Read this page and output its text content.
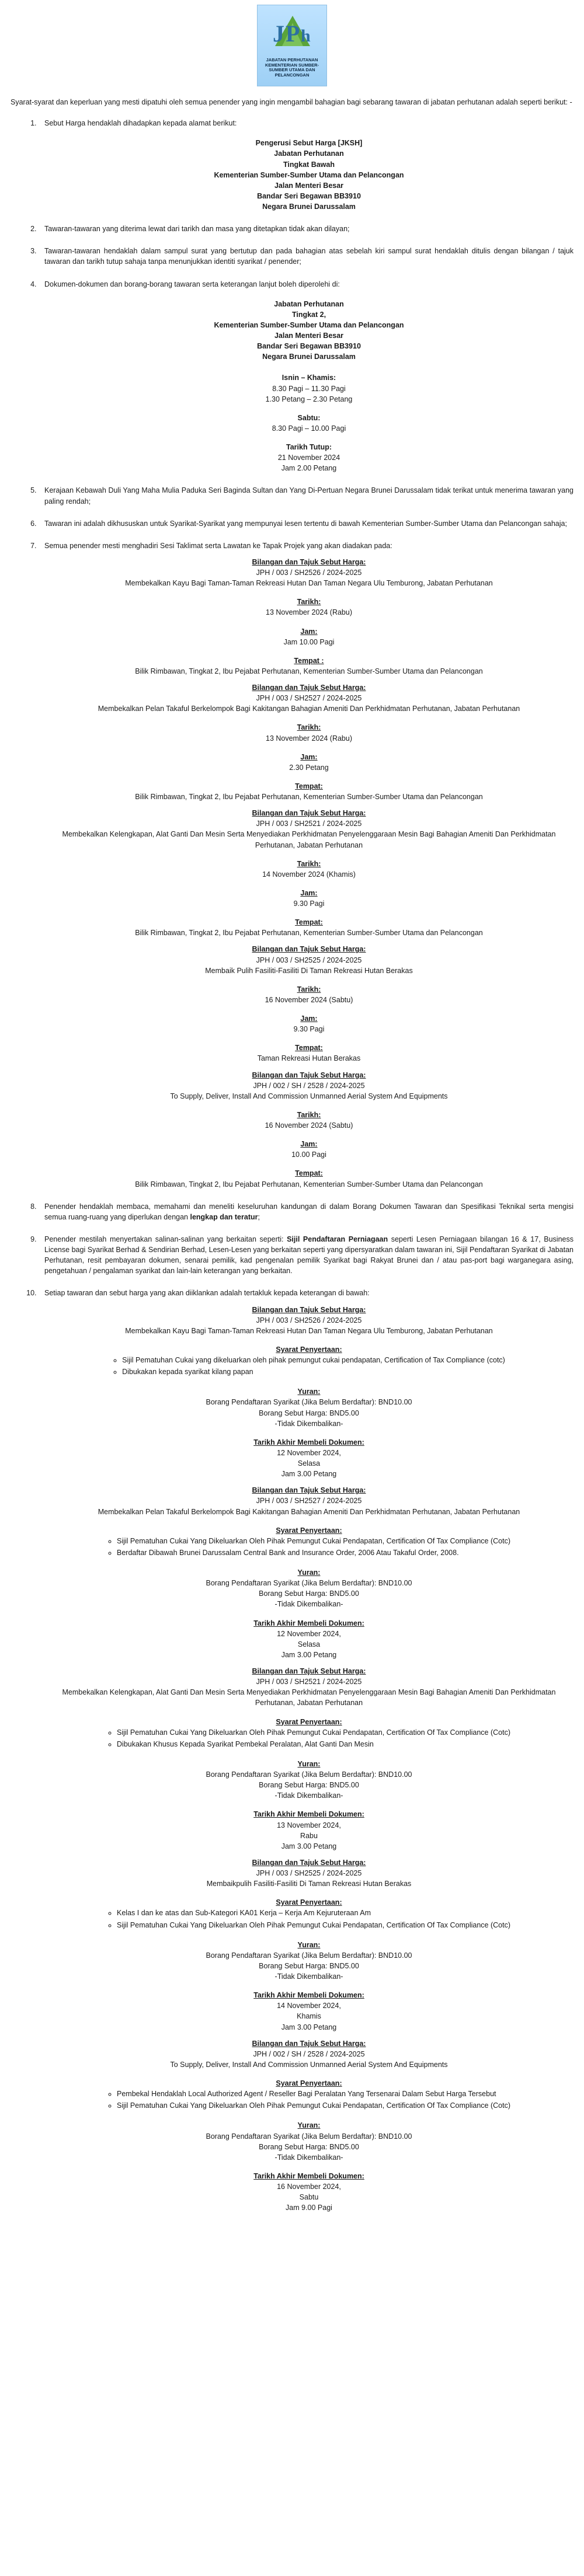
J P h
JABATAN PERHUTANAN
KEMENTERIAN SUMBER-
SUMBER UTAMA DAN
PELANCONGAN

Syarat-syarat dan keperluan yang mesti dipatuhi oleh semua penender yang ingin mengambil bahagian bagi sebarang tawaran di jabatan perhutanan adalah seperti berikut: -

1. Sebut Harga hendaklah dihadapkan kepada alamat berikut:

Pengerusi Sebut Harga [JKSH]
Jabatan Perhutanan
Tingkat Bawah
Kementerian Sumber-Sumber Utama dan Pelancongan
Jalan Menteri Besar
Bandar Seri Begawan BB3910
Negara Brunei Darussalam

2. Tawaran-tawaran yang diterima lewat dari tarikh dan masa yang ditetapkan tidak akan dilayan;

3. Tawaran-tawaran hendaklah dalam sampul surat yang bertutup dan pada bahagian atas sebelah kiri sampul surat hendaklah ditulis dengan bilangan / tajuk tawaran dan tarikh tutup sahaja tanpa menunjukkan identiti syarikat / penender;

4. Dokumen-dokumen dan borang-borang tawaran serta keterangan lanjut boleh diperolehi di:

Jabatan Perhutanan
Tingkat 2,
Kementerian Sumber-Sumber Utama dan Pelancongan
Jalan Menteri Besar
Bandar Seri Begawan BB3910
Negara Brunei Darussalam
Isnin – Khamis:
8.30 Pagi – 11.30 Pagi
1.30 Petang – 2.30 Petang
Sabtu:
8.30 Pagi – 10.00 Pagi
Tarikh Tutup:
21 November 2024
Jam 2.00 Petang

5. Kerajaan Kebawah Duli Yang Maha Mulia Paduka Seri Baginda Sultan dan Yang Di-Pertuan Negara Brunei Darussalam tidak terikat untuk menerima tawaran yang paling rendah;

6. Tawaran ini adalah dikhususkan untuk Syarikat-Syarikat yang mempunyai lesen tertentu di bawah Kementerian Sumber-Sumber Utama dan Pelancongan sahaja;

7. Semua penender mesti menghadiri Sesi Taklimat serta Lawatan ke Tapak Projek yang akan diadakan pada:

Bilangan dan Tajuk Sebut Harga:
JPH / 003 / SH2526 / 2024-2025
Membekalkan Kayu Bagi Taman-Taman Rekreasi Hutan Dan Taman Negara Ulu Temburong, Jabatan Perhutanan
Tarikh:
13 November 2024 (Rabu)
Jam:
Jam 10.00 Pagi
Tempat :
Bilik Rimbawan, Tingkat 2, Ibu Pejabat Perhutanan, Kementerian Sumber-Sumber Utama dan Pelancongan
Bilangan dan Tajuk Sebut Harga:
JPH / 003 / SH2527 / 2024-2025
Membekalkan Pelan Takaful Berkelompok Bagi Kakitangan Bahagian Ameniti Dan Perkhidmatan Perhutanan, Jabatan Perhutanan
Tarikh:
13 November 2024 (Rabu)
Jam:
2.30 Petang
Tempat:
Bilik Rimbawan, Tingkat 2, Ibu Pejabat Perhutanan, Kementerian Sumber-Sumber Utama dan Pelancongan
Bilangan dan Tajuk Sebut Harga:
JPH / 003 / SH2521 / 2024-2025
Membekalkan Kelengkapan, Alat Ganti Dan Mesin Serta Menyediakan Perkhidmatan Penyelenggaraan Mesin Bagi Bahagian Ameniti Dan Perkhidmatan Perhutanan, Jabatan Perhutanan
Tarikh:
14 November 2024 (Khamis)
Jam:
9.30 Pagi
Tempat:
Bilik Rimbawan, Tingkat 2, Ibu Pejabat Perhutanan, Kementerian Sumber-Sumber Utama dan Pelancongan
Bilangan dan Tajuk Sebut Harga:
JPH / 003 / SH2525 / 2024-2025
Membaik Pulih Fasiliti-Fasiliti Di Taman Rekreasi Hutan Berakas
Tarikh:
16 November 2024 (Sabtu)
Jam:
9.30 Pagi
Tempat:
Taman Rekreasi Hutan Berakas
Bilangan dan Tajuk Sebut Harga:
JPH / 002 / SH / 2528 / 2024-2025
To Supply, Deliver, Install And Commission Unmanned Aerial System And Equipments
Tarikh:
16 November 2024 (Sabtu)
Jam:
10.00 Pagi
Tempat:
Bilik Rimbawan, Tingkat 2, Ibu Pejabat Perhutanan, Kementerian Sumber-Sumber Utama dan Pelancongan

8. Penender hendaklah membaca, memahami dan meneliti keseluruhan kandungan di dalam Borang Dokumen Tawaran dan Spesifikasi Teknikal serta mengisi semua ruang-ruang yang diperlukan dengan lengkap dan teratur;

9. Penender mestilah menyertakan salinan-salinan yang berkaitan seperti: Sijil Pendaftaran Perniagaan seperti Lesen Perniagaan bilangan 16 & 17, Business License bagi Syarikat Berhad & Sendirian Berhad, Lesen-Lesen yang berkaitan seperti yang dipersyaratkan dalam tawaran ini, Sijil Pendaftaran Syarikat di Jabatan Perhutanan, resit pembayaran dokumen, senarai pemilik, kad pengenalan pemilik Syarikat bagi Rakyat Brunei dan / atau pas-port bagi warganegara asing, pengetahuan / pengalaman syarikat dan lain-lain keterangan yang berkaitan.

10. Setiap tawaran dan sebut harga yang akan diiklankan adalah tertakluk kepada keterangan di bawah:

Bilangan dan Tajuk Sebut Harga:
JPH / 003 / SH2526 / 2024-2025
Membekalkan Kayu Bagi Taman-Taman Rekreasi Hutan Dan Taman Negara Ulu Temburong, Jabatan Perhutanan
Syarat Penyertaan:
◦ Sijil Pematuhan Cukai yang dikeluarkan oleh pihak pemungut cukai pendapatan, Certification of Tax Compliance (cotc)
◦ Dibukakan kepada syarikat kilang papan
Yuran:
Borang Pendaftaran Syarikat (Jika Belum Berdaftar): BND10.00
Borang Sebut Harga: BND5.00
-Tidak Dikembalikan-
Tarikh Akhir Membeli Dokumen:
12 November 2024,
Selasa
Jam 3.00 Petang
Bilangan dan Tajuk Sebut Harga:
JPH / 003 / SH2527 / 2024-2025
Membekalkan Pelan Takaful Berkelompok Bagi Kakitangan Bahagian Ameniti Dan Perkhidmatan Perhutanan, Jabatan Perhutanan
Syarat Penyertaan:
◦ Sijil Pematuhan Cukai Yang Dikeluarkan Oleh Pihak Pemungut Cukai Pendapatan, Certification Of Tax Compliance (Cotc)
◦ Berdaftar Dibawah Brunei Darussalam Central Bank and Insurance Order, 2006 Atau Takaful Order, 2008.
Yuran:
Borang Pendaftaran Syarikat (Jika Belum Berdaftar): BND10.00
Borang Sebut Harga: BND5.00
-Tidak Dikembalikan-
Tarikh Akhir Membeli Dokumen:
12 November 2024,
Selasa
Jam 3.00 Petang
Bilangan dan Tajuk Sebut Harga:
JPH / 003 / SH2521 / 2024-2025
Membekalkan Kelengkapan, Alat Ganti Dan Mesin Serta Menyediakan Perkhidmatan Penyelenggaraan Mesin Bagi Bahagian Ameniti Dan Perkhidmatan Perhutanan, Jabatan Perhutanan
Syarat Penyertaan:
◦ Sijil Pematuhan Cukai Yang Dikeluarkan Oleh Pihak Pemungut Cukai Pendapatan, Certification Of Tax Compliance (Cotc)
◦ Dibukakan Khusus Kepada Syarikat Pembekal Peralatan, Alat Ganti Dan Mesin
Yuran:
Borang Pendaftaran Syarikat (Jika Belum Berdaftar): BND10.00
Borang Sebut Harga: BND5.00
-Tidak Dikembalikan-
Tarikh Akhir Membeli Dokumen:
13 November 2024,
Rabu
Jam 3.00 Petang
Bilangan dan Tajuk Sebut Harga:
JPH / 003 / SH2525 / 2024-2025
Membaikpulih Fasiliti-Fasiliti Di Taman Rekreasi Hutan Berakas
Syarat Penyertaan:
◦ Kelas I dan ke atas dan Sub-Kategori KA01 Kerja – Kerja Am Kejuruteraan Am
◦ Sijil Pematuhan Cukai Yang Dikeluarkan Oleh Pihak Pemungut Cukai Pendapatan, Certification Of Tax Compliance (Cotc)
Yuran:
Borang Pendaftaran Syarikat (Jika Belum Berdaftar): BND10.00
Borang Sebut Harga: BND5.00
-Tidak Dikembalikan-
Tarikh Akhir Membeli Dokumen:
14 November 2024,
Khamis
Jam 3.00 Petang
Bilangan dan Tajuk Sebut Harga:
JPH / 002 / SH / 2528 / 2024-2025
To Supply, Deliver, Install And Commission Unmanned Aerial System And Equipments
Syarat Penyertaan:
◦ Pembekal Hendaklah Local Authorized Agent / Reseller Bagi Peralatan Yang Tersenarai Dalam Sebut Harga Tersebut
◦ Sijil Pematuhan Cukai Yang Dikeluarkan Oleh Pihak Pemungut Cukai Pendapatan, Certification Of Tax Compliance (Cotc)
Yuran:
Borang Pendaftaran Syarikat (Jika Belum Berdaftar): BND10.00
Borang Sebut Harga: BND5.00
-Tidak Dikembalikan-
Tarikh Akhir Membeli Dokumen:
16 November 2024,
Sabtu
Jam 9.00 Pagi
